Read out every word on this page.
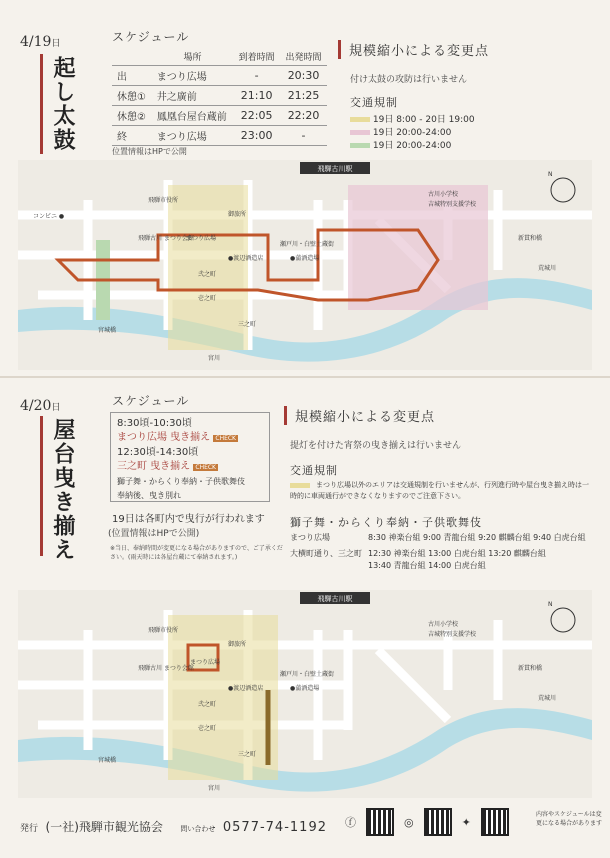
4/19日
起し太鼓
スケジュール
	場所	到着時間	出発時間
出	まつり広場	-	20:30
休憩①	井之廣前	21:10	21:25
休憩②	鳳凰台屋台蔵前	22:05	22:20
終	まつり広場	23:00	-
位置情報はHPで公開
規模縮小による変更点
付け太鼓の攻防は行いません
交通規制
19日 8:00 - 20日 19:00
19日 20:00-24:00
19日 20:00-24:00
飛騨古川駅
飛騨市役所
御旅所
まつり広場
飛騨古川 まつり会館
瀬戸川・白壁土蔵街
●渡辺酒造店	●蒲酒造場
弐之町
壱之町
三之町
古川小学校
吉城特別支援学校
荒城川
宮川
宮城橋
新貫和橋
コンビニ ●
N
4/20日
屋台曳き揃え
スケジュール
8:30頃-10:30頃
まつり広場 曳き揃え CHECK
12:30頃-14:30頃
三之町 曳き揃え CHECK
獅子舞・からくり奉納・子供歌舞伎
奉納後、曳き別れ
19日は各町内で曳行が行われます
(位置情報はHPで公開)
※当日、奉納時間が変更になる場合がありますので、ご了承ください。(雨天時には各屋台蔵にて奉納されます。)
規模縮小による変更点
提灯を付けた宵祭の曳き揃えは行いません
交通規制
まつり広場以外のエリアは交通規制を行いませんが、行列進行時や屋台曳き揃え時は一時的に車両通行ができなくなりますのでご注意下さい。
獅子舞・からくり奉納・子供歌舞伎
まつり広場	8:30 神楽台組 9:00 青龍台組 9:20 麒麟台組 9:40 白虎台組
大横町通り、三之町 12:30 神楽台組 13:00 白虎台組 13:20 麒麟台組
13:40 青龍台組 14:00 白虎台組
飛騨古川駅
飛騨市役所
御旅所
まつり広場
飛騨古川 まつり会館
瀬戸川・白壁土蔵街
●渡辺酒造店	●蒲酒造場
弐之町
壱之町
三之町
古川小学校
吉城特別支援学校
荒城川
宮川
宮城橋
新貫和橋
N
発行 (一社)飛騨市観光協会	問い合わせ 0577-74-1192 ⓕ	◎	✦
内容やスケジュールは変更になる場合があります
